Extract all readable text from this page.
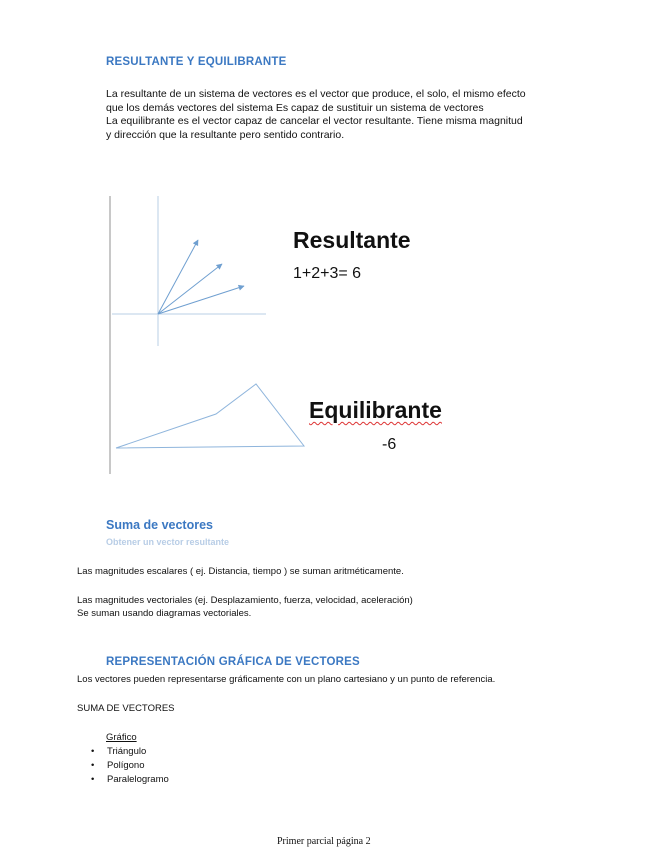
RESULTANTE Y EQUILIBRANTE
La resultante de un sistema de vectores es el vector que produce, el solo, el mismo efecto
que los demás vectores del sistema Es capaz de sustituir un sistema de vectores
La equilibrante es el vector capaz de cancelar el vector resultante. Tiene misma magnitud
y dirección que la resultante pero sentido contrario.
Resultante
1+2+3= 6
Equilibrante
-6
Suma de vectores
Obtener un vector resultante
Las magnitudes escalares ( ej. Distancia, tiempo ) se suman aritméticamente.
Las magnitudes vectoriales (ej. Desplazamiento, fuerza, velocidad, aceleración)
Se suman usando diagramas vectoriales.
REPRESENTACIÓN GRÁFICA DE VECTORES
Los vectores pueden representarse gráficamente con un plano cartesiano y un punto de referencia.
SUMA DE VECTORES
Gráfico
• Triángulo
• Polígono
• Paralelogramo
Primer parcial página 2
